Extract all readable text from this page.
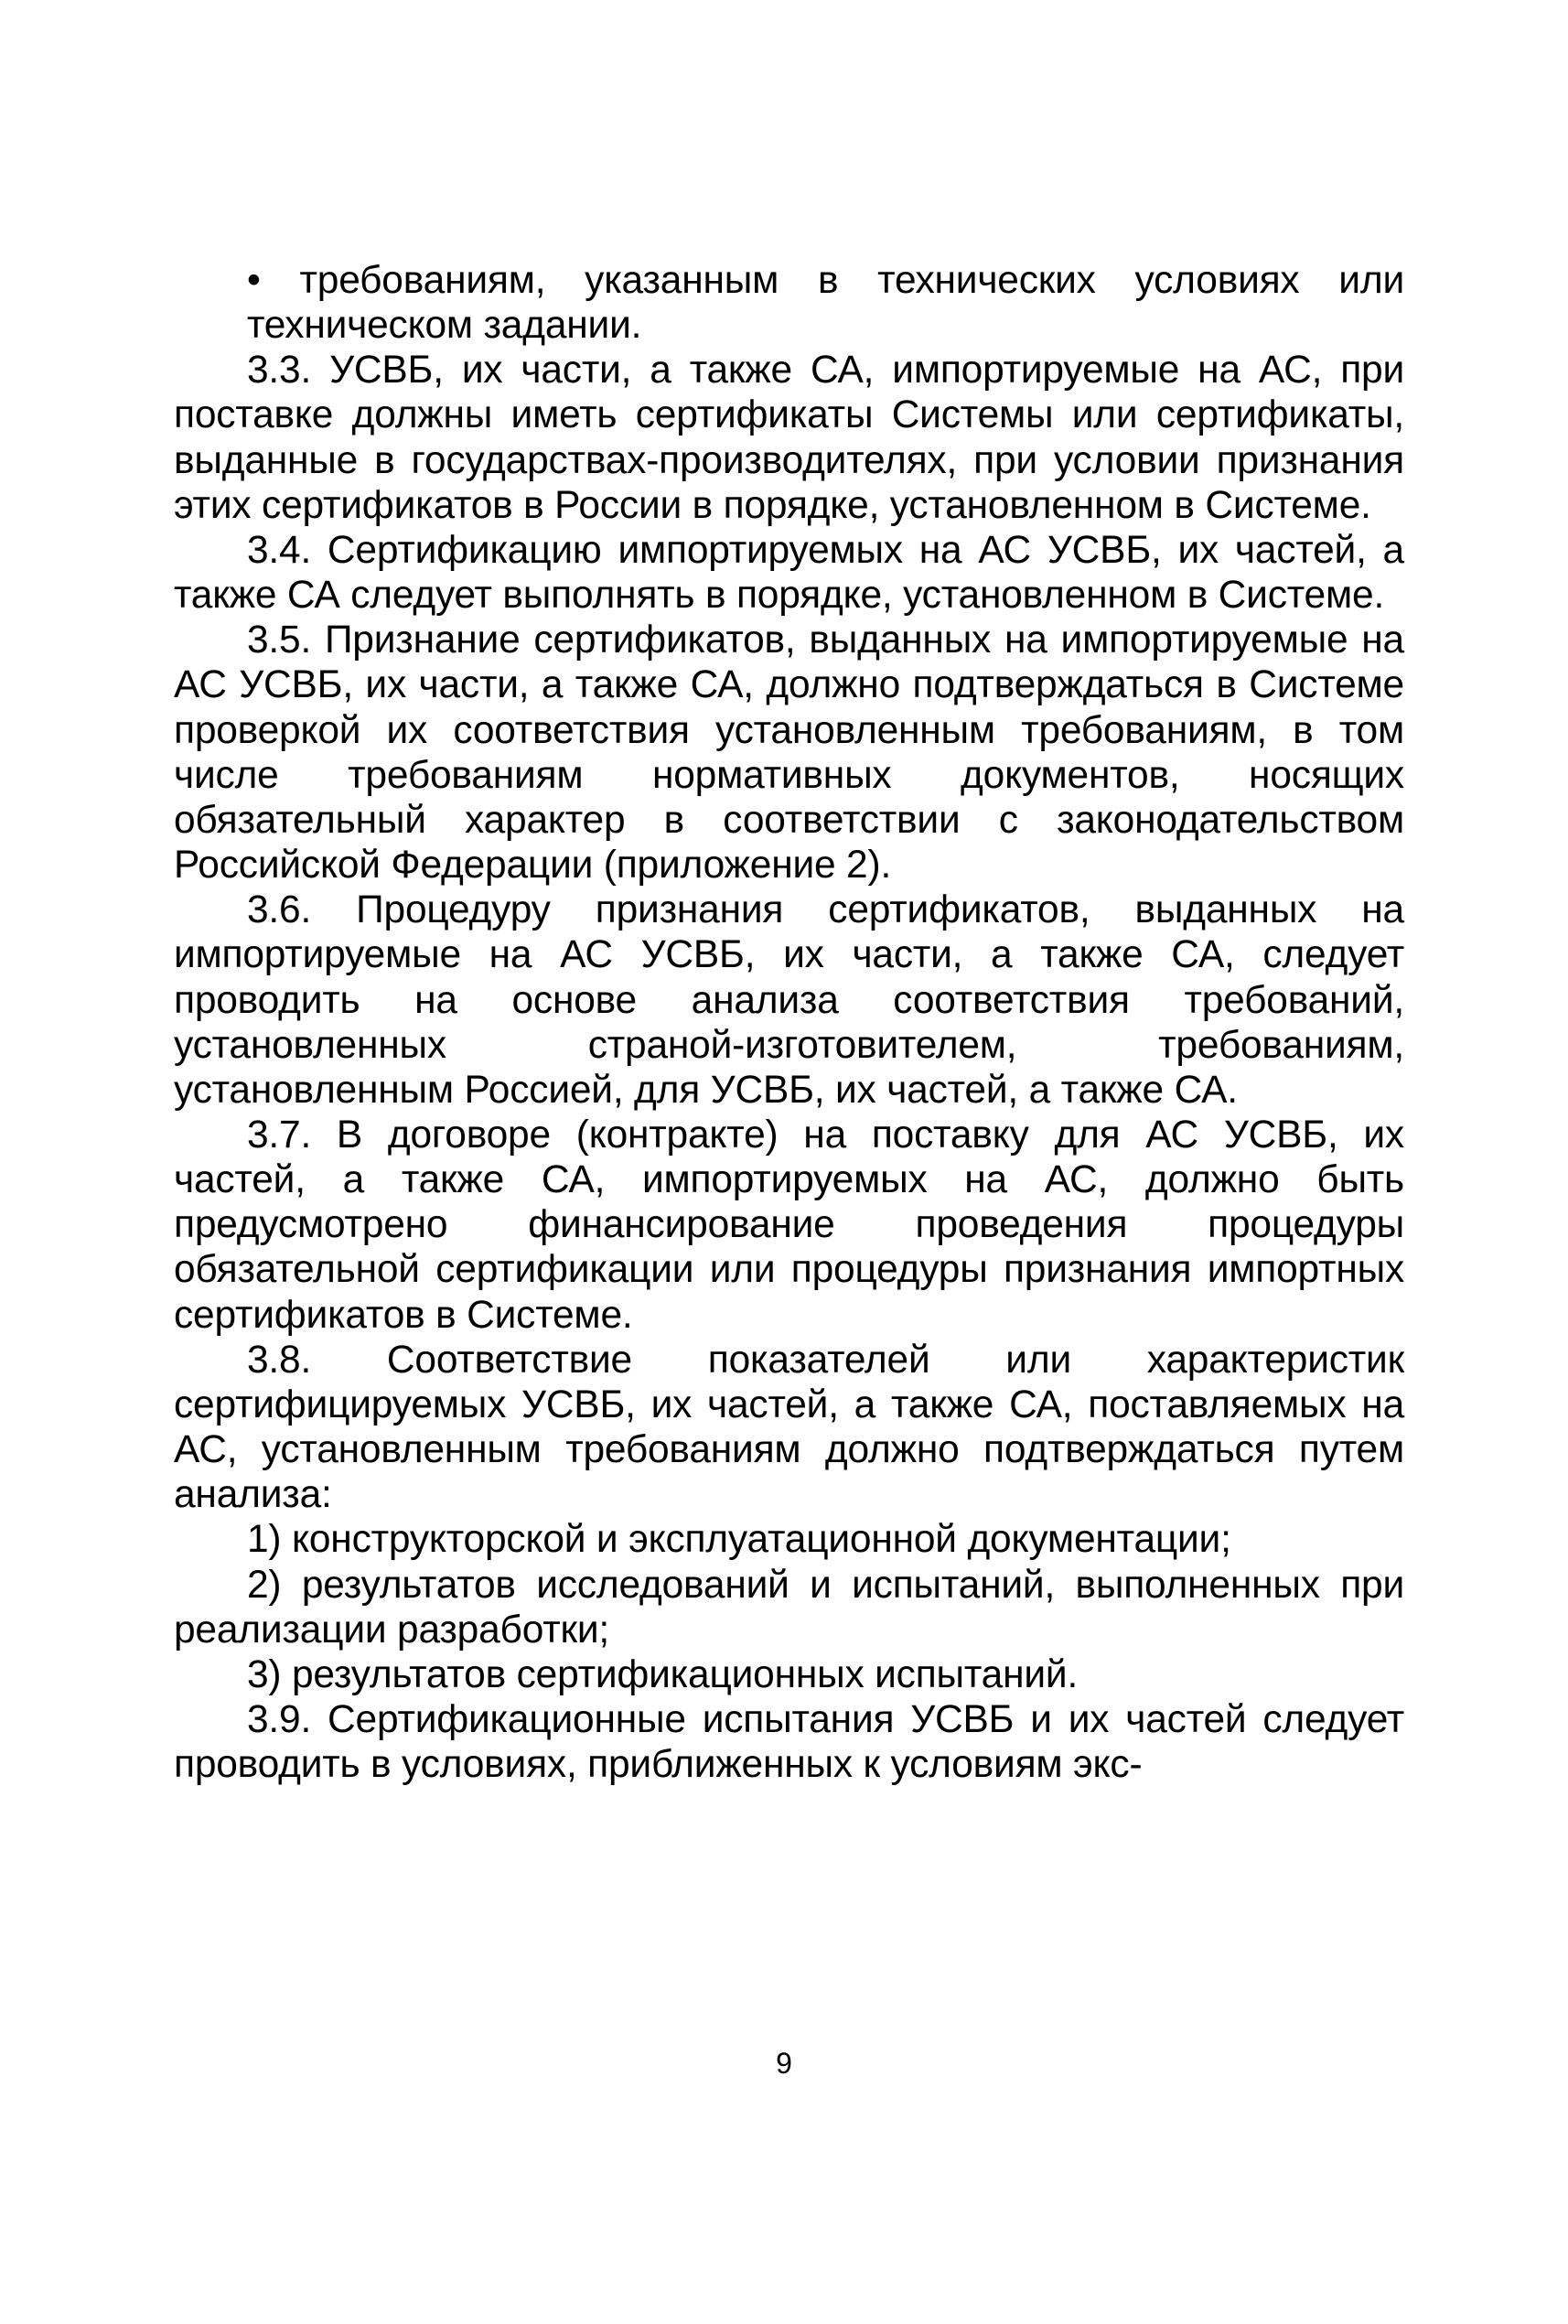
• требованиям, указанным в технических условиях или техническом задании.

3.3. УСВБ, их части, а также СА, импортируемые на АС, при поставке должны иметь сертификаты Системы или сертификаты, выданные в государствах-производителях, при условии признания этих сертификатов в России в порядке, установленном в Системе.

3.4. Сертификацию импортируемых на АС УСВБ, их частей, а также СА следует выполнять в порядке, установленном в Системе.

3.5. Признание сертификатов, выданных на импортируемые на АС УСВБ, их части, а также СА, должно подтверждаться в Системе проверкой их соответствия установленным требованиям, в том числе требованиям нормативных документов, носящих обязательный характер в соответствии с законодательством Российской Федерации (приложение 2).

3.6. Процедуру признания сертификатов, выданных на импортируемые на АС УСВБ, их части, а также СА, следует проводить на основе анализа соответствия требований, установленных страной-изготовителем, требованиям, установленным Россией, для УСВБ, их частей, а также СА.

3.7. В договоре (контракте) на поставку для АС УСВБ, их частей, а также СА, импортируемых на АС, должно быть предусмотрено финансирование проведения процедуры обязательной сертификации или процедуры признания импортных сертификатов в Системе.

3.8. Соответствие показателей или характеристик сертифицируемых УСВБ, их частей, а также СА, поставляемых на АС, установленным требованиям должно подтверждаться путем анализа:

1) конструкторской и эксплуатационной документации;

2) результатов исследований и испытаний, выполненных при реализации разработки;

3) результатов сертификационных испытаний.

3.9. Сертификационные испытания УСВБ и их частей следует проводить в условиях, приближенных к условиям экс-

9
